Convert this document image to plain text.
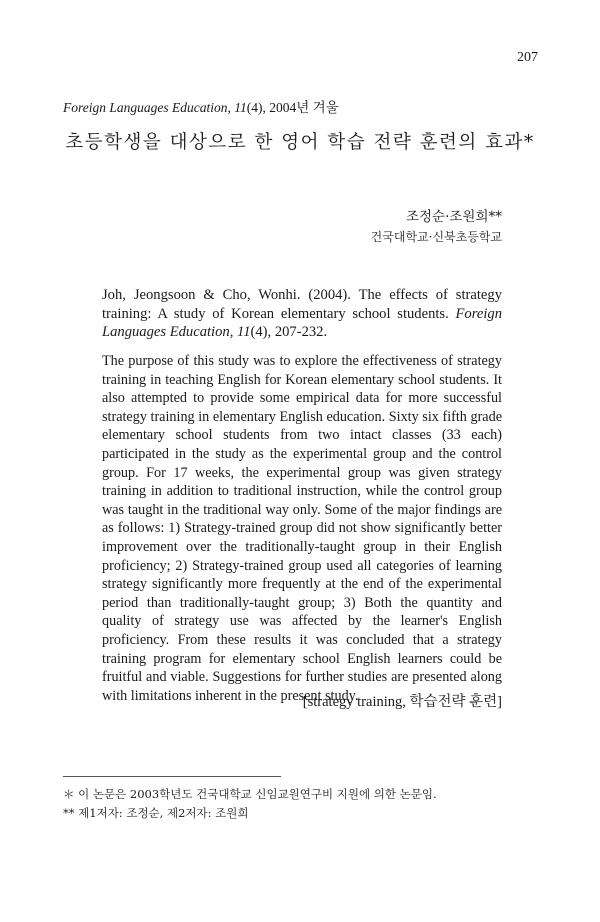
207
Foreign Languages Education, 11(4), 2004년 겨울
초등학생을 대상으로 한 영어 학습 전략 훈련의 효과*
조정순·조원희**
건국대학교·신북초등학교
Joh, Jeongsoon & Cho, Wonhi. (2004). The effects of strategy training: A study of Korean elementary school students. Foreign Languages Education, 11(4), 207-232.
The purpose of this study was to explore the effectiveness of strategy training in teaching English for Korean elementary school students. It also attempted to provide some empirical data for more successful strategy training in elementary English education. Sixty six fifth grade elementary school students from two intact classes (33 each) participated in the study as the experimental group and the control group. For 17 weeks, the experimental group was given strategy training in addition to traditional instruction, while the control group was taught in the traditional way only. Some of the major findings are as follows: 1) Strategy-trained group did not show significantly better improvement over the traditionally-taught group in their English proficiency; 2) Strategy-trained group used all categories of learning strategy significantly more frequently at the end of the experimental period than traditionally-taught group; 3) Both the quantity and quality of strategy use was affected by the learner's English proficiency. From these results it was concluded that a strategy training program for elementary school English learners could be fruitful and viable. Suggestions for further studies are presented along with limitations inherent in the present study.
[strategy training, 학습전략 훈련]
＊ 이 논문은 2003학년도 건국대학교 신임교원연구비 지원에 의한 논문임.
** 제1저자: 조정순, 제2저자: 조원희
